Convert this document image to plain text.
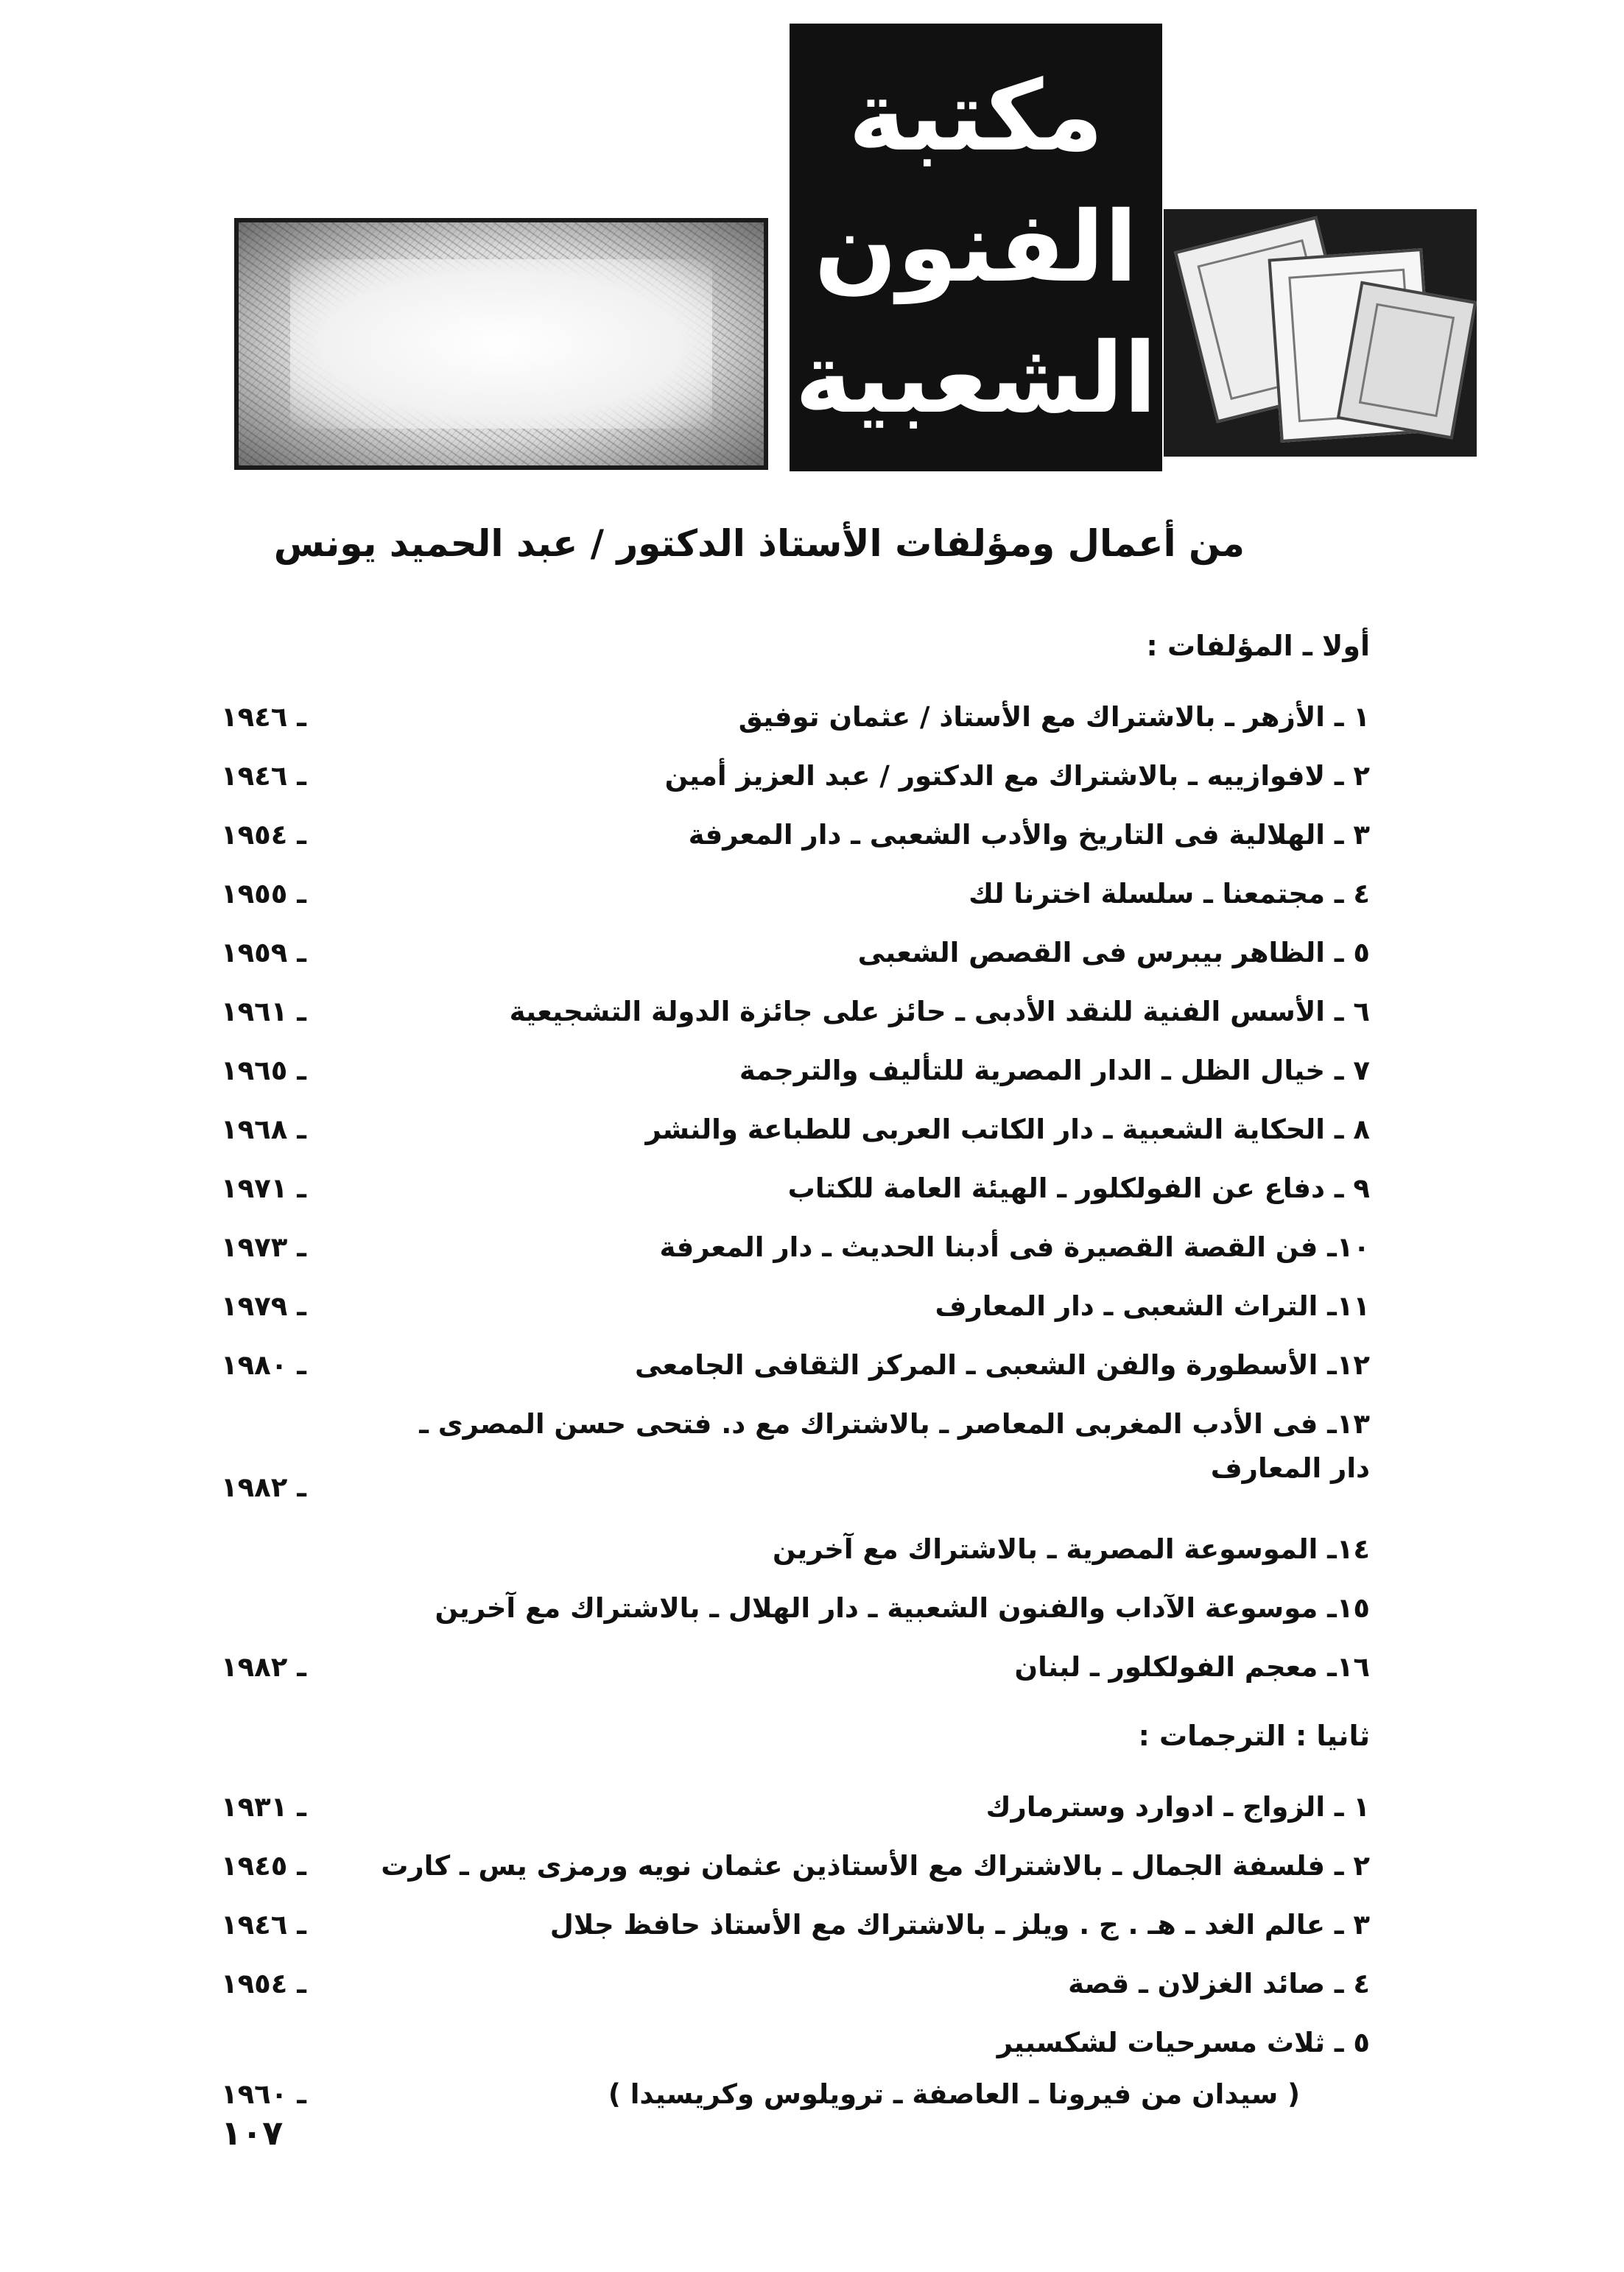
مكتبة
الفنون
الشعبية
من أعمال ومؤلفات الأستاذ الدكتور / عبد الحميد يونس
أولا ـ المؤلفات :
١ ـ الأزهر ـ بالاشتراك مع الأستاذ / عثمان توفيق
ـ ١٩٤٦
٢ ـ لافوازييه ـ بالاشتراك مع الدكتور / عبد العزيز أمين
ـ ١٩٤٦
٣ ـ الهلالية فى التاريخ والأدب الشعبى ـ دار المعرفة
ـ ١٩٥٤
٤ ـ مجتمعنا ـ سلسلة اخترنا لك
ـ ١٩٥٥
٥ ـ الظاهر بيبرس فى القصص الشعبى
ـ ١٩٥٩
٦ ـ الأسس الفنية للنقد الأدبى ـ حائز على جائزة الدولة التشجيعية
ـ ١٩٦١
٧ ـ خيال الظل ـ الدار المصرية للتأليف والترجمة
ـ ١٩٦٥
٨ ـ الحكاية الشعبية ـ دار الكاتب العربى للطباعة والنشر
ـ ١٩٦٨
٩ ـ دفاع عن الفولكلور ـ الهيئة العامة للكتاب
ـ ١٩٧١
١٠ـ فن القصة القصيرة فى أدبنا الحديث ـ دار المعرفة
ـ ١٩٧٣
١١ـ التراث الشعبى ـ دار المعارف
ـ ١٩٧٩
١٢ـ الأسطورة والفن الشعبى ـ المركز الثقافى الجامعى
ـ ١٩٨٠
١٣ـ فى الأدب المغربى المعاصر ـ بالاشتراك مع د. فتحى حسن المصرى ـ
دار المعارف
ـ ١٩٨٢
١٤ـ الموسوعة المصرية ـ بالاشتراك مع آخرين
١٥ـ موسوعة الآداب والفنون الشعبية ـ دار الهلال ـ بالاشتراك مع آخرين
١٦ـ معجم الفولكلور ـ لبنان
ـ ١٩٨٢
ثانيا : الترجمات :
١ ـ الزواج ـ ادوارد وسترمارك
ـ ١٩٣١
٢ ـ فلسفة الجمال ـ بالاشتراك مع الأستاذين عثمان نويه ورمزى يس ـ كارت
ـ ١٩٤٥
٣ ـ عالم الغد ـ هـ . ج . ويلز ـ بالاشتراك مع الأستاذ حافظ جلال
ـ ١٩٤٦
٤ ـ صائد الغزلان ـ قصة
ـ ١٩٥٤
٥ ـ ثلاث مسرحيات لشكسبير
( سيدان من فيرونا ـ العاصفة ـ ترويلوس وكريسيدا )
ـ ١٩٦٠
١٠٧
